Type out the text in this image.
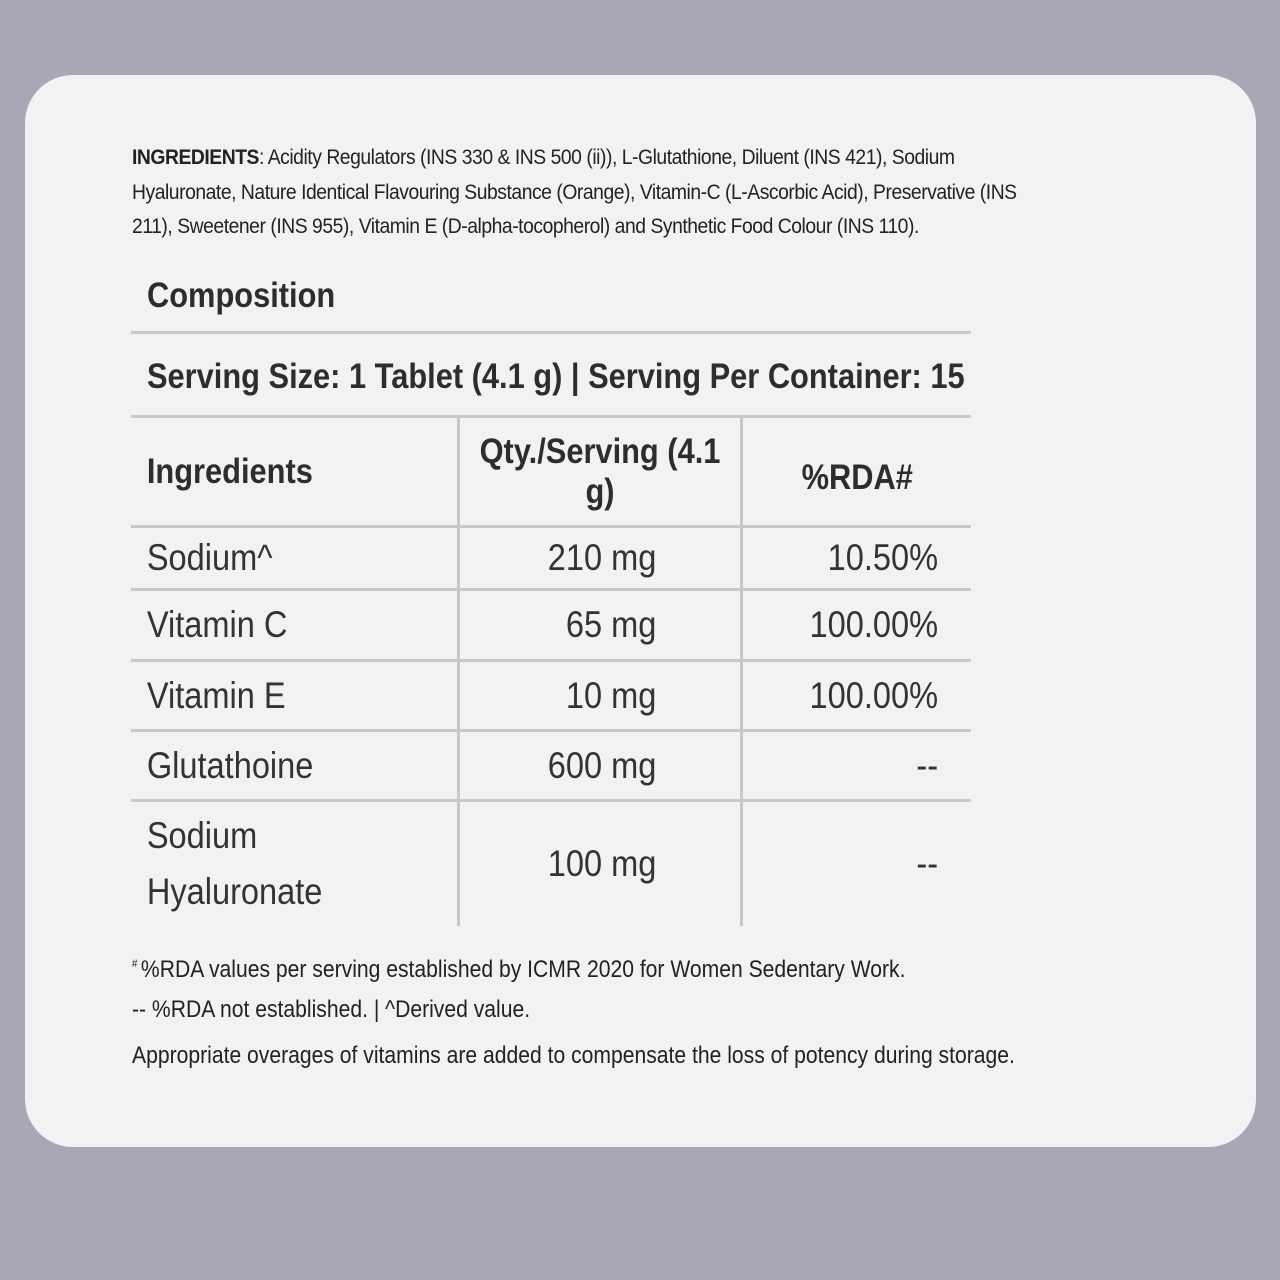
INGREDIENTS: Acidity Regulators (INS 330 & INS 500 (ii)), L-Glutathione, Diluent (INS 421), Sodium Hyaluronate, Nature Identical Flavouring Substance (Orange), Vitamin-C (L-Ascorbic Acid), Preservative (INS 211), Sweetener (INS 955), Vitamin E (D-alpha-tocopherol) and Synthetic Food Colour (INS 110).
Composition
Serving Size: 1 Tablet (4.1 g) | Serving Per Container: 15
Ingredients	Qty./Serving (4.1 g)	%RDA#

Sodium^	210 mg	10.50%

Vitamin C	65 mg	100.00%

Vitamin E	10 mg	100.00%

Glutathoine	600 mg	--

Sodium Hyaluronate	100 mg	--
# %RDA values per serving established by ICMR 2020 for Women Sedentary Work.
-- %RDA not established. | ^Derived value.
Appropriate overages of vitamins are added to compensate the loss of potency during storage.
